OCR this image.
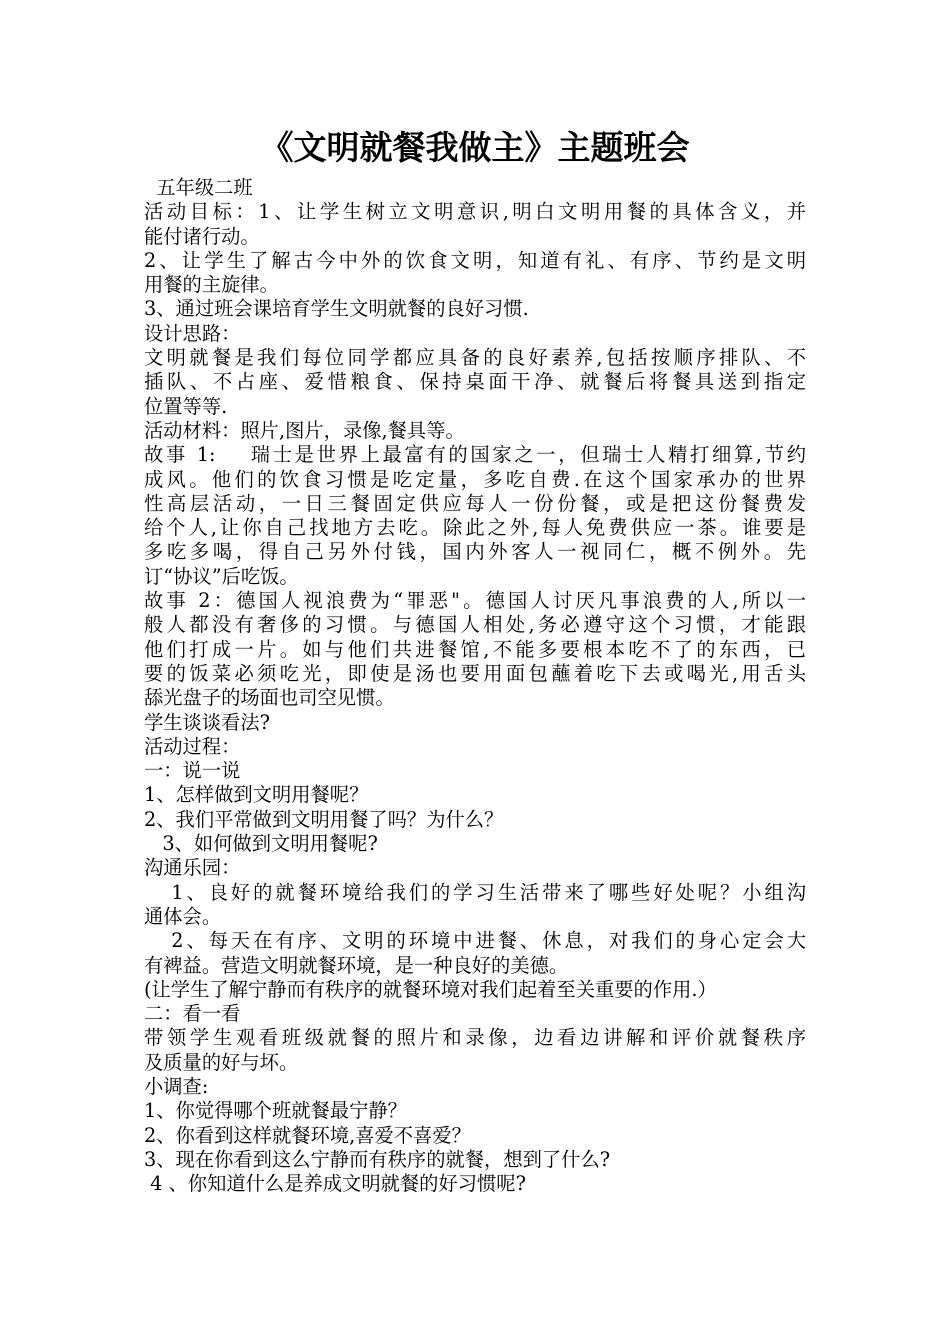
《文明就餐我做主》主题班会
五年级二班
活动目标：1、让学生树立文明意识,明白文明用餐的具体含义，并
能付诸行动。
2、让学生了解古今中外的饮食文明，知道有礼、有序、节约是文明
用餐的主旋律。
3、通过班会课培育学生文明就餐的良好习惯.
设计思路：
文明就餐是我们每位同学都应具备的良好素养,包括按顺序排队、不
插队、不占座、爱惜粮食、保持桌面干净、就餐后将餐具送到指定
位置等等.
活动材料：照片,图片，录像,餐具等。
故事 1:    瑞士是世界上最富有的国家之一，但瑞士人精打细算,节约
成风。他们的饮食习惯是吃定量，多吃自费.在这个国家承办的世界
性高层活动，一日三餐固定供应每人一份份餐，或是把这份餐费发
给个人,让你自己找地方去吃。除此之外,每人免费供应一茶。谁要是
多吃多喝，得自己另外付钱，国内外客人一视同仁，概不例外。先
订“协议”后吃饭。
故事 2：德国人视浪费为“罪恶"。德国人讨厌凡事浪费的人,所以一
般人都没有奢侈的习惯。与德国人相处,务必遵守这个习惯，才能跟
他们打成一片。如与他们共进餐馆,不能多要根本吃不了的东西，已
要的饭菜必须吃光，即使是汤也要用面包蘸着吃下去或喝光,用舌头
舔光盘子的场面也司空见惯。
学生谈谈看法?
活动过程：
一：说一说
1、怎样做到文明用餐呢？
2、我们平常做到文明用餐了吗？为什么？
3、如何做到文明用餐呢?
沟通乐园：
1、良好的就餐环境给我们的学习生活带来了哪些好处呢？小组沟
通体会。
2、每天在有序、文明的环境中进餐、休息，对我们的身心定会大
有裨益。营造文明就餐环境，是一种良好的美德。
(让学生了解宁静而有秩序的就餐环境对我们起着至关重要的作用.）
二：看一看
带领学生观看班级就餐的照片和录像，边看边讲解和评价就餐秩序
及质量的好与坏。
小调查:
1、你觉得哪个班就餐最宁静？
2、你看到这样就餐环境,喜爱不喜爱？
3、现在你看到这么宁静而有秩序的就餐，想到了什么?
4 、你知道什么是养成文明就餐的好习惯呢?
